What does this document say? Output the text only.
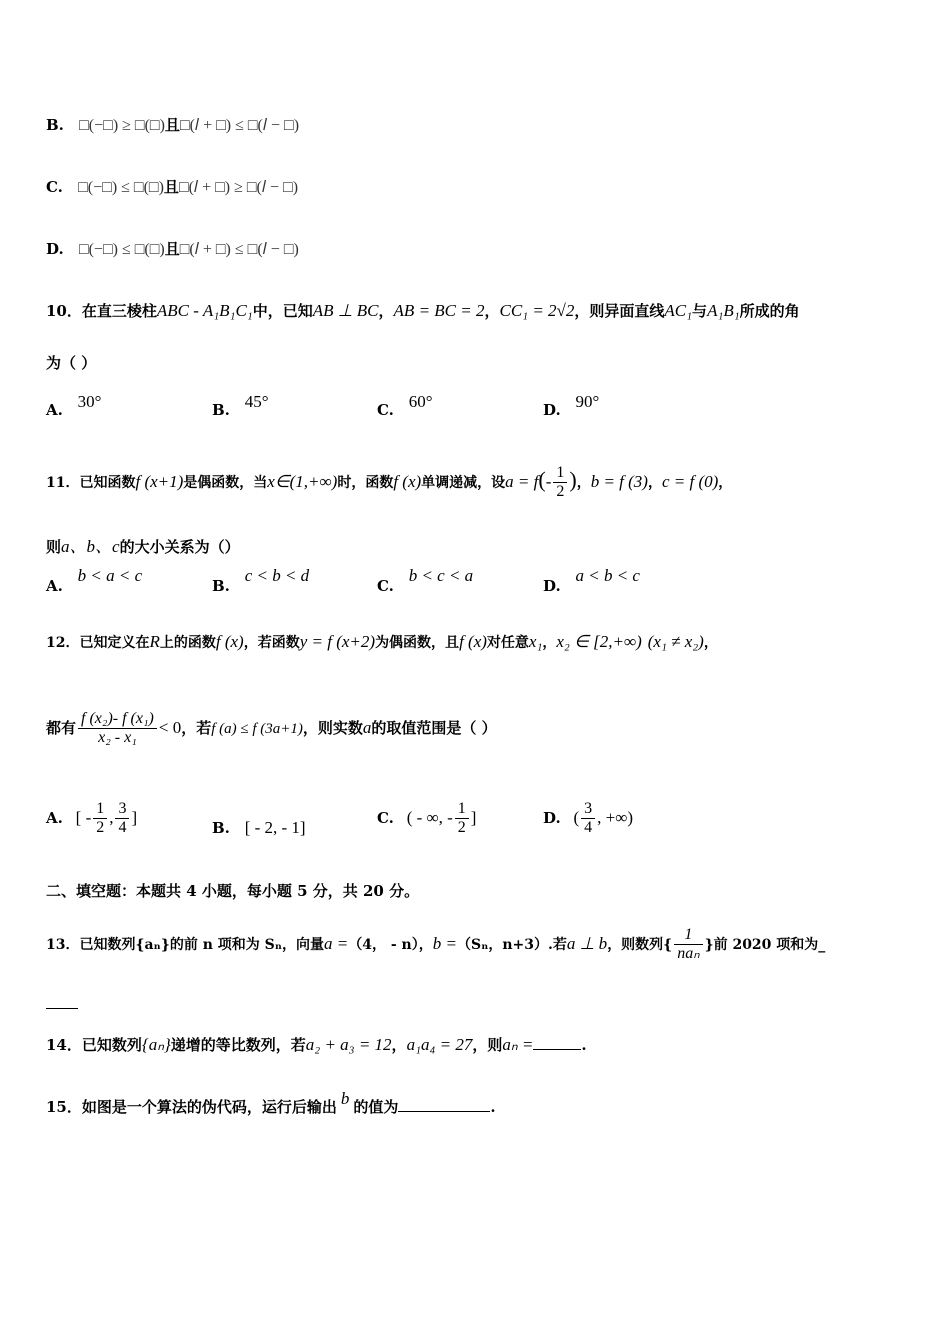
B. □(−□) ≥ □(□)且□(𝑙 + □) ≤ □(𝑙 − □)
C. □(−□) ≤ □(□)且□(𝑙 + □) ≥ □(𝑙 − □)
D. □(−□) ≤ □(□)且□(𝑙 + □) ≤ □(𝑙 − □)
10．在直三棱柱ABC - A₁B₁C₁中，已知AB ⊥ BC，AB = BC = 2，CC₁ = 2√2，则异面直线AC₁与A₁B₁所成的角
为（ ）
A. 30°	B. 45°	C. 60°	D. 90°
11．已知函数f (x+1)是偶函数，当x∈(1,+∞)时，函数f (x)单调递减，设$a = f(- \frac{1}{2}$ )，b = f (3)，c = f (0)，
则a、b、c的大小关系为（）
A. b < a < c
B. c < b < d
C. b < c < a
D. a < b < c
12．已知定义在R上的函数f (x)，若函数y = f (x+2)为偶函数，且f (x)对任意x₁，x₂ ∈ [2,+∞) (x₁ ≠ x₂)，
都有 $\frac{\text{f (x₂)- f (x₁)}}{\text{x₂ - x₁}} < 0$，若f (a) ≤ f (3a+1)，则实数a的取值范围是（ ）
A. [ - $\frac{1}{2}$ , $\frac{3}{4}$ ]
B. [ - 2, - 1]
C. ( - ∞, - $\frac{1}{2}$ ]	D. ( $\frac{3}{4}$ , +∞)
二、填空题：本题共 4 小题，每小题 5 分，共 20 分。
13．已知数列{aₙ}的前 n 项和为 Sₙ，向量a =（4， - n），b =（Sₙ，n+3）.若a ⊥ b，则数列{ $\frac{1}{\text{naₙ}}$ }前 2020 项和为_
14．已知数列{aₙ}递增的等比数列，若a₂ + a₃ = 12，a₁a₄ = 27，则aₙ =	.
15．如图是一个算法的伪代码，运行后输出 b 的值为	.
